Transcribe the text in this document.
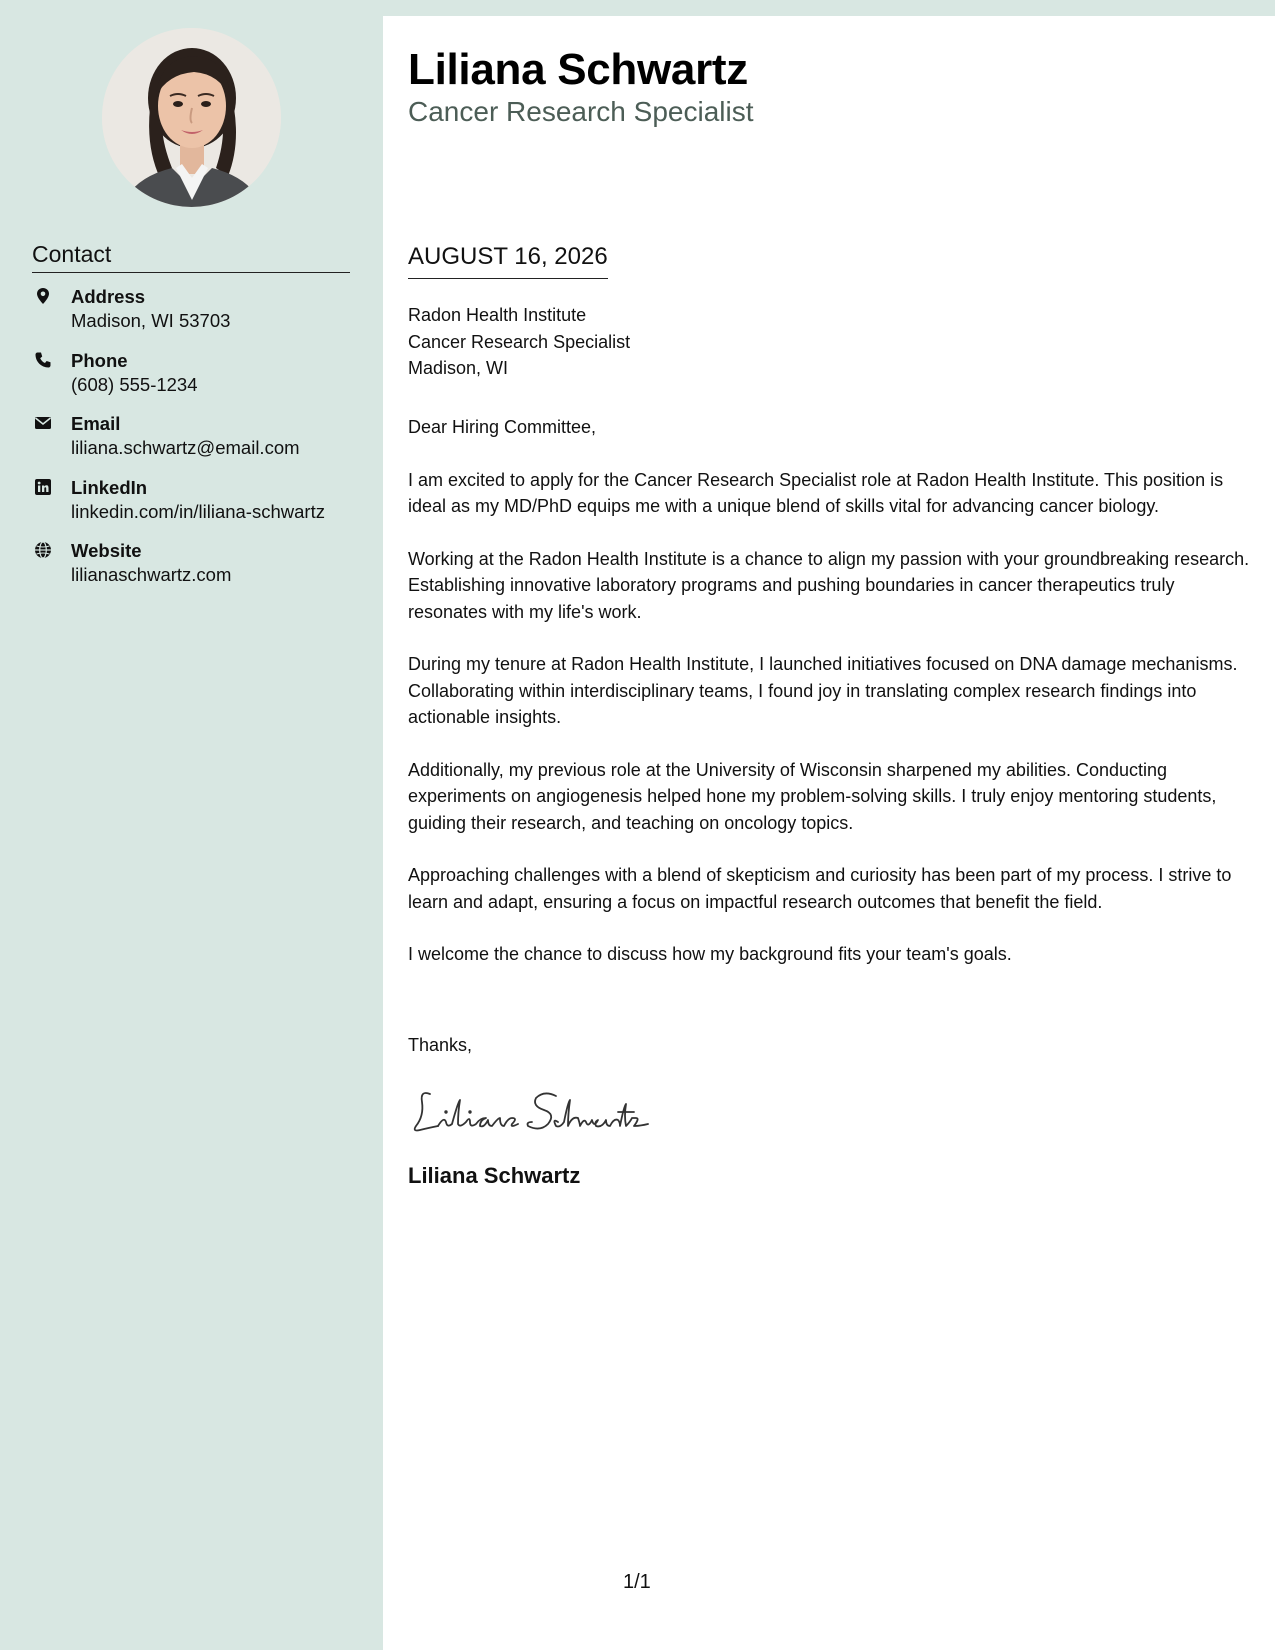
Contact
Address
Madison, WI 53703
Phone
(608) 555-1234
Email
liliana.schwartz@email.com
LinkedIn
linkedin.com/in/liliana-schwartz
Website
lilianaschwartz.com
Liliana Schwartz
Cancer Research Specialist
AUGUST 16, 2026
Radon Health Institute
Cancer Research Specialist
Madison, WI

Dear Hiring Committee,

I am excited to apply for the Cancer Research Specialist role at Radon Health Institute. This position is ideal as my MD/PhD equips me with a unique blend of skills vital for advancing cancer biology.

Working at the Radon Health Institute is a chance to align my passion with your groundbreaking research. Establishing innovative laboratory programs and pushing boundaries in cancer therapeutics truly resonates with my life's work.

During my tenure at Radon Health Institute, I launched initiatives focused on DNA damage mechanisms. Collaborating within interdisciplinary teams, I found joy in translating complex research findings into actionable insights.

Additionally, my previous role at the University of Wisconsin sharpened my abilities. Conducting experiments on angiogenesis helped hone my problem-solving skills. I truly enjoy mentoring students, guiding their research, and teaching on oncology topics.

Approaching challenges with a blend of skepticism and curiosity has been part of my process. I strive to learn and adapt, ensuring a focus on impactful research outcomes that benefit the field.

I welcome the chance to discuss how my background fits your team's goals.

Thanks,
Liliana Schwartz
1/1
